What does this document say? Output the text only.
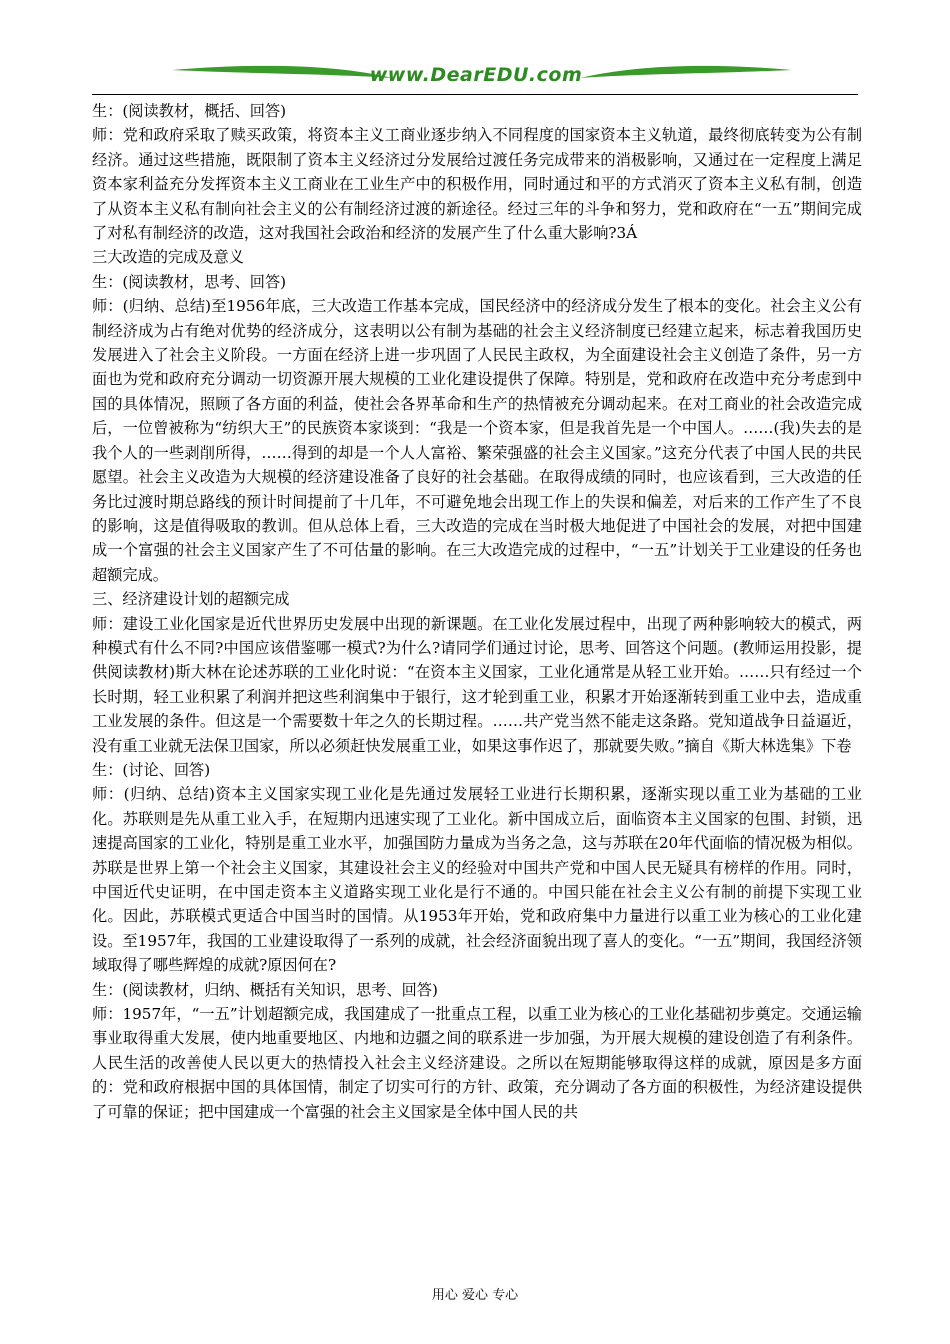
www.DearEDU.com

生：(阅读教材，概括、回答)

师：党和政府采取了赎买政策，将资本主义工商业逐步纳入不同程度的国家资本主义轨道，最终彻底转变为公有制经济。通过这些措施，既限制了资本主义经济过分发展给过渡任务完成带来的消极影响，又通过在一定程度上满足资本家利益充分发挥资本主义工商业在工业生产中的积极作用，同时通过和平的方式消灭了资本主义私有制，创造了从资本主义私有制向社会主义的公有制经济过渡的新途径。经过三年的斗争和努力，党和政府在“一五”期间完成了对私有制经济的改造，这对我国社会政治和经济的发展产生了什么重大影响?3Á

三大改造的完成及意义

生：(阅读教材，思考、回答)

师：(归纳、总结)至1956年底，三大改造工作基本完成，国民经济中的经济成分发生了根本的变化。社会主义公有制经济成为占有绝对优势的经济成分，这表明以公有制为基础的社会主义经济制度已经建立起来，标志着我国历史发展进入了社会主义阶段。一方面在经济上进一步巩固了人民民主政权，为全面建设社会主义创造了条件，另一方面也为党和政府充分调动一切资源开展大规模的工业化建设提供了保障。特别是，党和政府在改造中充分考虑到中国的具体情况，照顾了各方面的利益，使社会各界革命和生产的热情被充分调动起来。在对工商业的社会改造完成后，一位曾被称为“纺织大王”的民族资本家谈到：“我是一个资本家，但是我首先是一个中国人。……(我)失去的是我个人的一些剥削所得，……得到的却是一个人人富裕、繁荣强盛的社会主义国家。”这充分代表了中国人民的共民愿望。社会主义改造为大规模的经济建设准备了良好的社会基础。在取得成绩的同时，也应该看到，三大改造的任务比过渡时期总路线的预计时间提前了十几年，不可避免地会出现工作上的失误和偏差，对后来的工作产生了不良的影响，这是值得吸取的教训。但从总体上看，三大改造的完成在当时极大地促进了中国社会的发展，对把中国建成一个富强的社会主义国家产生了不可估量的影响。在三大改造完成的过程中，“一五”计划关于工业建设的任务也超额完成。

三、经济建设计划的超额完成

师：建设工业化国家是近代世界历史发展中出现的新课题。在工业化发展过程中，出现了两种影响较大的模式，两种模式有什么不同?中国应该借鉴哪一模式?为什么?请同学们通过讨论，思考、回答这个问题。(教师运用投影，提供阅读教材)斯大林在论述苏联的工业化时说：“在资本主义国家，工业化通常是从轻工业开始。……只有经过一个长时期，轻工业积累了利润并把这些利润集中于银行，这才轮到重工业，积累才开始逐渐转到重工业中去，造成重工业发展的条件。但这是一个需要数十年之久的长期过程。……共产党当然不能走这条路。党知道战争日益逼近，没有重工业就无法保卫国家，所以必须赶快发展重工业，如果这事作迟了，那就要失败。”摘自《斯大林选集》下卷

生：(讨论、回答)

师：(归纳、总结)资本主义国家实现工业化是先通过发展轻工业进行长期积累，逐渐实现以重工业为基础的工业化。苏联则是先从重工业入手，在短期内迅速实现了工业化。新中国成立后，面临资本主义国家的包围、封锁，迅速提高国家的工业化，特别是重工业水平，加强国防力量成为当务之急，这与苏联在20年代面临的情况极为相似。苏联是世界上第一个社会主义国家，其建设社会主义的经验对中国共产党和中国人民无疑具有榜样的作用。同时，中国近代史证明，在中国走资本主义道路实现工业化是行不通的。中国只能在社会主义公有制的前提下实现工业化。因此，苏联模式更适合中国当时的国情。从1953年开始，党和政府集中力量进行以重工业为核心的工业化建设。至1957年，我国的工业建设取得了一系列的成就，社会经济面貌出现了喜人的变化。“一五”期间，我国经济领域取得了哪些辉煌的成就?原因何在?

生：(阅读教材，归纳、概括有关知识，思考、回答)

师：1957年，“一五”计划超额完成，我国建成了一批重点工程，以重工业为核心的工业化基础初步奠定。交通运输事业取得重大发展，使内地重要地区、内地和边疆之间的联系进一步加强，为开展大规模的建设创造了有利条件。人民生活的改善使人民以更大的热情投入社会主义经济建设。之所以在短期能够取得这样的成就，原因是多方面的：党和政府根据中国的具体国情，制定了切实可行的方针、政策，充分调动了各方面的积极性，为经济建设提供了可靠的保证；把中国建成一个富强的社会主义国家是全体中国人民的共

用心 爱心 专心
